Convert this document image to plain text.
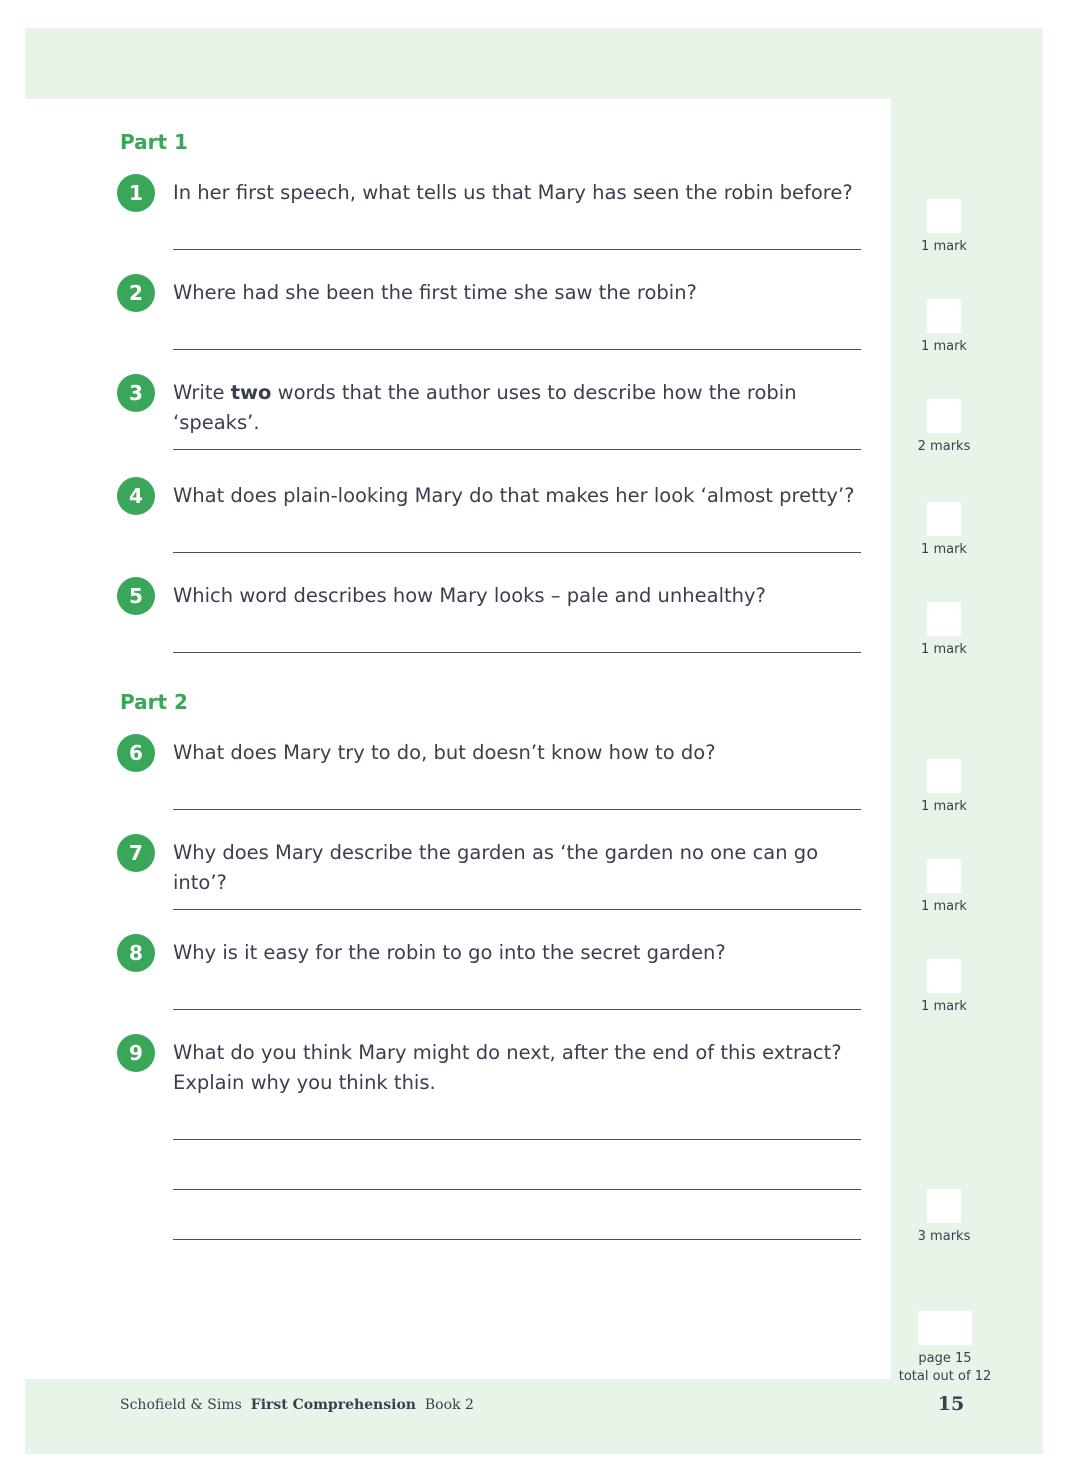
Part 1
1	In her first speech, what tells us that Mary has seen the robin before?

1 mark
2	Where had she been the first time she saw the robin?

1 mark
3	Write two words that the author uses to describe how the robin ‘speaks’.

2 marks
4	What does plain-looking Mary do that makes her look ‘almost pretty’?

1 mark
5	Which word describes how Mary looks – pale and unhealthy?

1 mark
Part 2
6	What does Mary try to do, but doesn’t know how to do?

1 mark
7	Why does Mary describe the garden as ‘the garden no one can go into’?

1 mark
8	Why is it easy for the robin to go into the secret garden?

1 mark
9	What do you think Mary might do next, after the end of this extract?
Explain why you think this.

3 marks
page 15
total out of 12
Schofield & Sims First Comprehension Book 2	15
